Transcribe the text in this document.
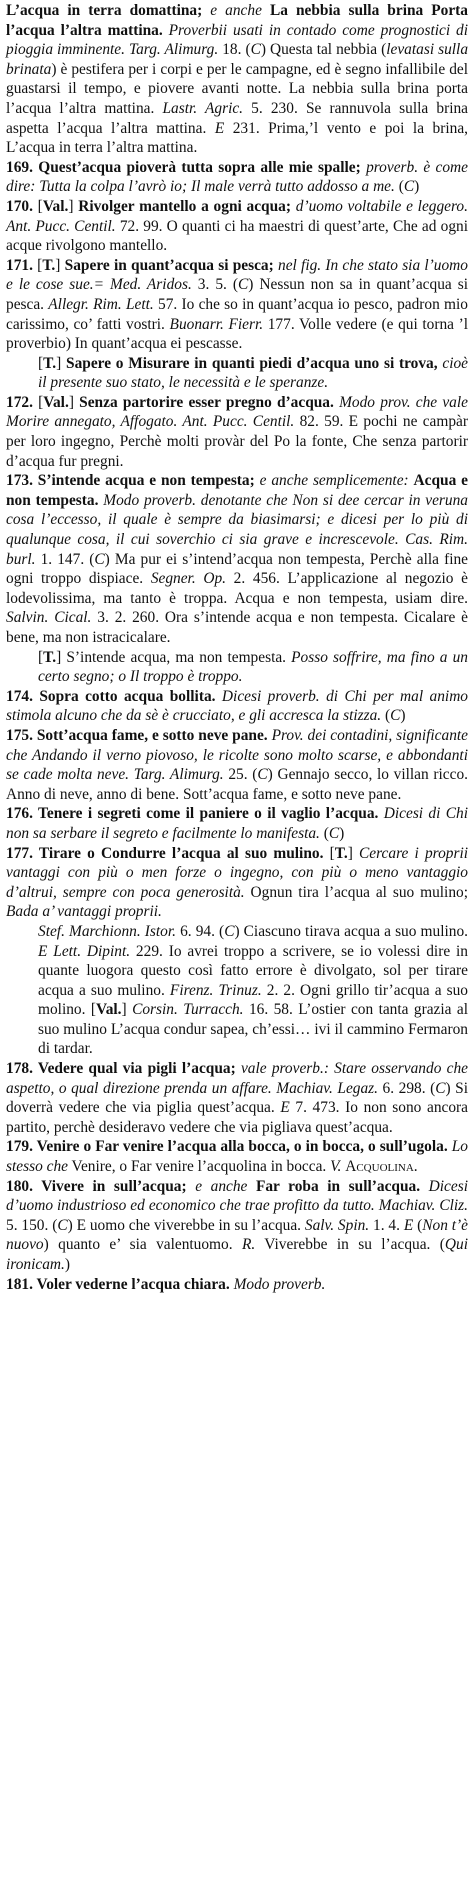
L’acqua in terra domattina; e anche La nebbia sulla brina Porta l’acqua l’altra mattina. Proverbii usati in contado come prognostici di pioggia imminente. Targ. Alimurg. 18. (C) Questa tal nebbia (levatasi sulla brinata) è pestifera per i corpi e per le campagne, ed è segno infallibile del guastarsi il tempo, e piovere avanti notte. La nebbia sulla brina porta l’acqua l’altra mattina. Lastr. Agric. 5. 230. Se rannuvola sulla brina aspetta l’acqua l’altra mattina. E 231. Prima,’l vento e poi la brina, L’acqua in terra l’altra mattina.

169. Quest’acqua pioverà tutta sopra alle mie spalle; proverb. è come dire: Tutta la colpa l’avrò io; Il male verrà tutto addosso a me. (C)

170. [Val.] Rivolger mantello a ogni acqua; d’uomo voltabile e leggero. Ant. Pucc. Centil. 72. 99. O quanti ci ha maestri di quest’arte, Che ad ogni acque rivolgono mantello.

171. [T.] Sapere in quant’acqua si pesca; nel fig. In che stato sia l’uomo e le cose sue.= Med. Aridos. 3. 5. (C) Nessun non sa in quant’acqua si pesca. Allegr. Rim. Lett. 57. Io che so in quant’acqua io pesco, padron mio carissimo, co’ fatti vostri. Buonarr. Fierr. 177. Volle vedere (e qui torna ’l proverbio) In quant’acqua ei pescasse.

[T.] Sapere o Misurare in quanti piedi d’acqua uno si trova, cioè il presente suo stato, le necessità e le speranze.

172. [Val.] Senza partorire esser pregno d’acqua. Modo prov. che vale Morire annegato, Affogato. Ant. Pucc. Centil. 82. 59. E pochi ne campàr per loro ingegno, Perchè molti provàr del Po la fonte, Che senza partorir d’acqua fur pregni.

173. S’intende acqua e non tempesta; e anche semplicemente: Acqua e non tempesta. Modo proverb. denotante che Non si dee cercar in veruna cosa l’eccesso, il quale è sempre da biasimarsi; e dicesi per lo più di qualunque cosa, il cui soverchio ci sia grave e increscevole. Cas. Rim. burl. 1. 147. (C) Ma pur ei s’intend’acqua non tempesta, Perchè alla fine ogni troppo dispiace. Segner. Op. 2. 456. L’applicazione al negozio è lodevolissima, ma tanto è troppa. Acqua e non tempesta, usiam dire. Salvin. Cical. 3. 2. 260. Ora s’intende acqua e non tempesta. Cicalare è bene, ma non istracicalare.

[T.] S’intende acqua, ma non tempesta. Posso soffrire, ma fino a un certo segno; o Il troppo è troppo.

174. Sopra cotto acqua bollita. Dicesi proverb. di Chi per mal animo stimola alcuno che da sè è crucciato, e gli accresca la stizza. (C)

175. Sott’acqua fame, e sotto neve pane. Prov. dei contadini, significante che Andando il verno piovoso, le ricolte sono molto scarse, e abbondanti se cade molta neve. Targ. Alimurg. 25. (C) Gennajo secco, lo villan ricco. Anno di neve, anno di bene. Sott’acqua fame, e sotto neve pane.

176. Tenere i segreti come il paniere o il vaglio l’acqua. Dicesi di Chi non sa serbare il segreto e facilmente lo manifesta. (C)

177. Tirare o Condurre l’acqua al suo mulino. [T.] Cercare i proprii vantaggi con più o men forze o ingegno, con più o meno vantaggio d’altrui, sempre con poca generosità. Ognun tira l’acqua al suo mulino; Bada a’ vantaggi proprii.

Stef. Marchionn. Istor. 6. 94. (C) Ciascuno tirava acqua a suo mulino. E Lett. Dipint. 229. Io avrei troppo a scrivere, se io volessi dire in quante luogora questo così fatto errore è divolgato, sol per tirare acqua a suo mulino. Firenz. Trinuz. 2. 2. Ogni grillo tir’acqua a suo molino. [Val.] Corsin. Turracch. 16. 58. L’ostier con tanta grazia al suo mulino L’acqua condur sapea, ch’essi… ivi il cammino Fermaron di tardar.

178. Vedere qual via pigli l’acqua; vale proverb.: Stare osservando che aspetto, o qual direzione prenda un affare. Machiav. Legaz. 6. 298. (C) Si doverrà vedere che via piglia quest’acqua. E 7. 473. Io non sono ancora partito, perchè desideravo vedere che via pigliava quest’acqua.

179. Venire o Far venire l’acqua alla bocca, o in bocca, o sull’ugola. Lo stesso che Venire, o Far venire l’acquolina in bocca. V. Acquolina.

180. Vivere in sull’acqua; e anche Far roba in sull’acqua. Dicesi d’uomo industrioso ed economico che trae profitto da tutto. Machiav. Cliz. 5. 150. (C) E uomo che viverebbe in su l’acqua. Salv. Spin. 1. 4. E (Non t’è nuovo) quanto e’ sia valentuomo. R. Viverebbe in su l’acqua. (Qui ironicam.)

181. Voler vederne l’acqua chiara. Modo proverb.
